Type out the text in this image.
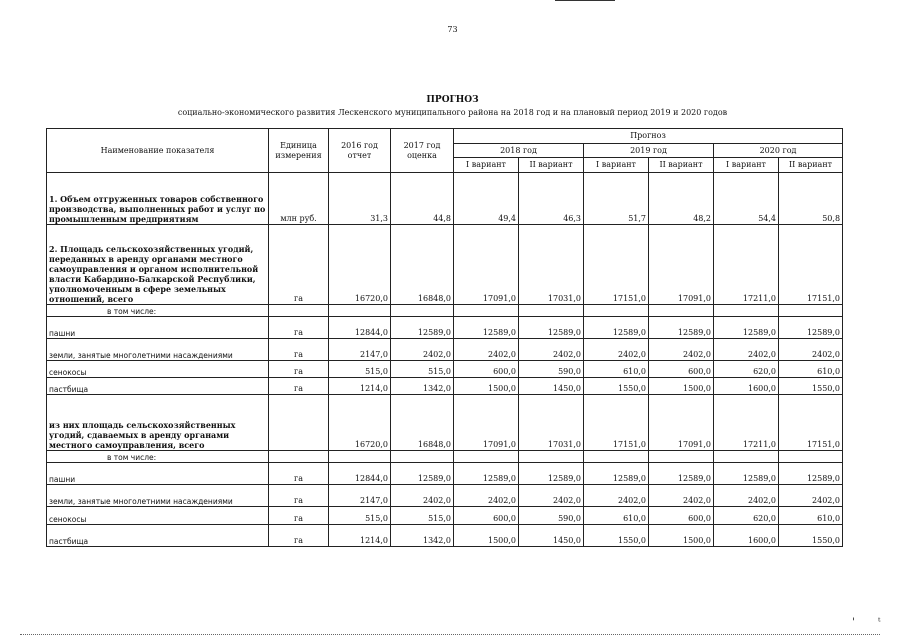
73
ПРОГНОЗ
социально-экономического развития Лескенского муниципального района на 2018 год и на плановый период 2019 и 2020 годов
Наименование показателя	Единица измерения	2016 год отчет	2017 год оценка	Прогноз					
				2018 год		2019 год		2020 год	
				I вариант	II вариант	I вариант	II вариант	I вариант	II вариант
1. Объем отгруженных товаров собственного производства, выполненных работ и услуг по промышленным предприятиям	млн руб.	31,3	44,8	49,4	46,3	51,7	48,2	54,4	50,8
2. Площадь сельскохозяйственных угодий, переданных в аренду органами местного самоуправления и органом исполнительной власти Кабардино-Балкарской Республики, уполномоченным в сфере земельных отношений, всего	га	16720,0	16848,0	17091,0	17031,0	17151,0	17091,0	17211,0	17151,0
в том числе:									
пашни	га	12844,0	12589,0	12589,0	12589,0	12589,0	12589,0	12589,0	12589,0
земли, занятые многолетними насаждениями	га	2147,0	2402,0	2402,0	2402,0	2402,0	2402,0	2402,0	2402,0
сенокосы	га	515,0	515,0	600,0	590,0	610,0	600,0	620,0	610,0
пастбища	га	1214,0	1342,0	1500,0	1450,0	1550,0	1500,0	1600,0	1550,0
из них площадь сельскохозяйственных угодий, сдаваемых в аренду органами местного самоуправления, всего		16720,0	16848,0	17091,0	17031,0	17151,0	17091,0	17211,0	17151,0
в том числе:									
пашни	га	12844,0	12589,0	12589,0	12589,0	12589,0	12589,0	12589,0	12589,0
земли, занятые многолетними насаждениями	га	2147,0	2402,0	2402,0	2402,0	2402,0	2402,0	2402,0	2402,0
сенокосы	га	515,0	515,0	600,0	590,0	610,0	600,0	620,0	610,0
пастбища	га	1214,0	1342,0	1500,0	1450,0	1550,0	1500,0	1600,0	1550,0
' ᵗ
